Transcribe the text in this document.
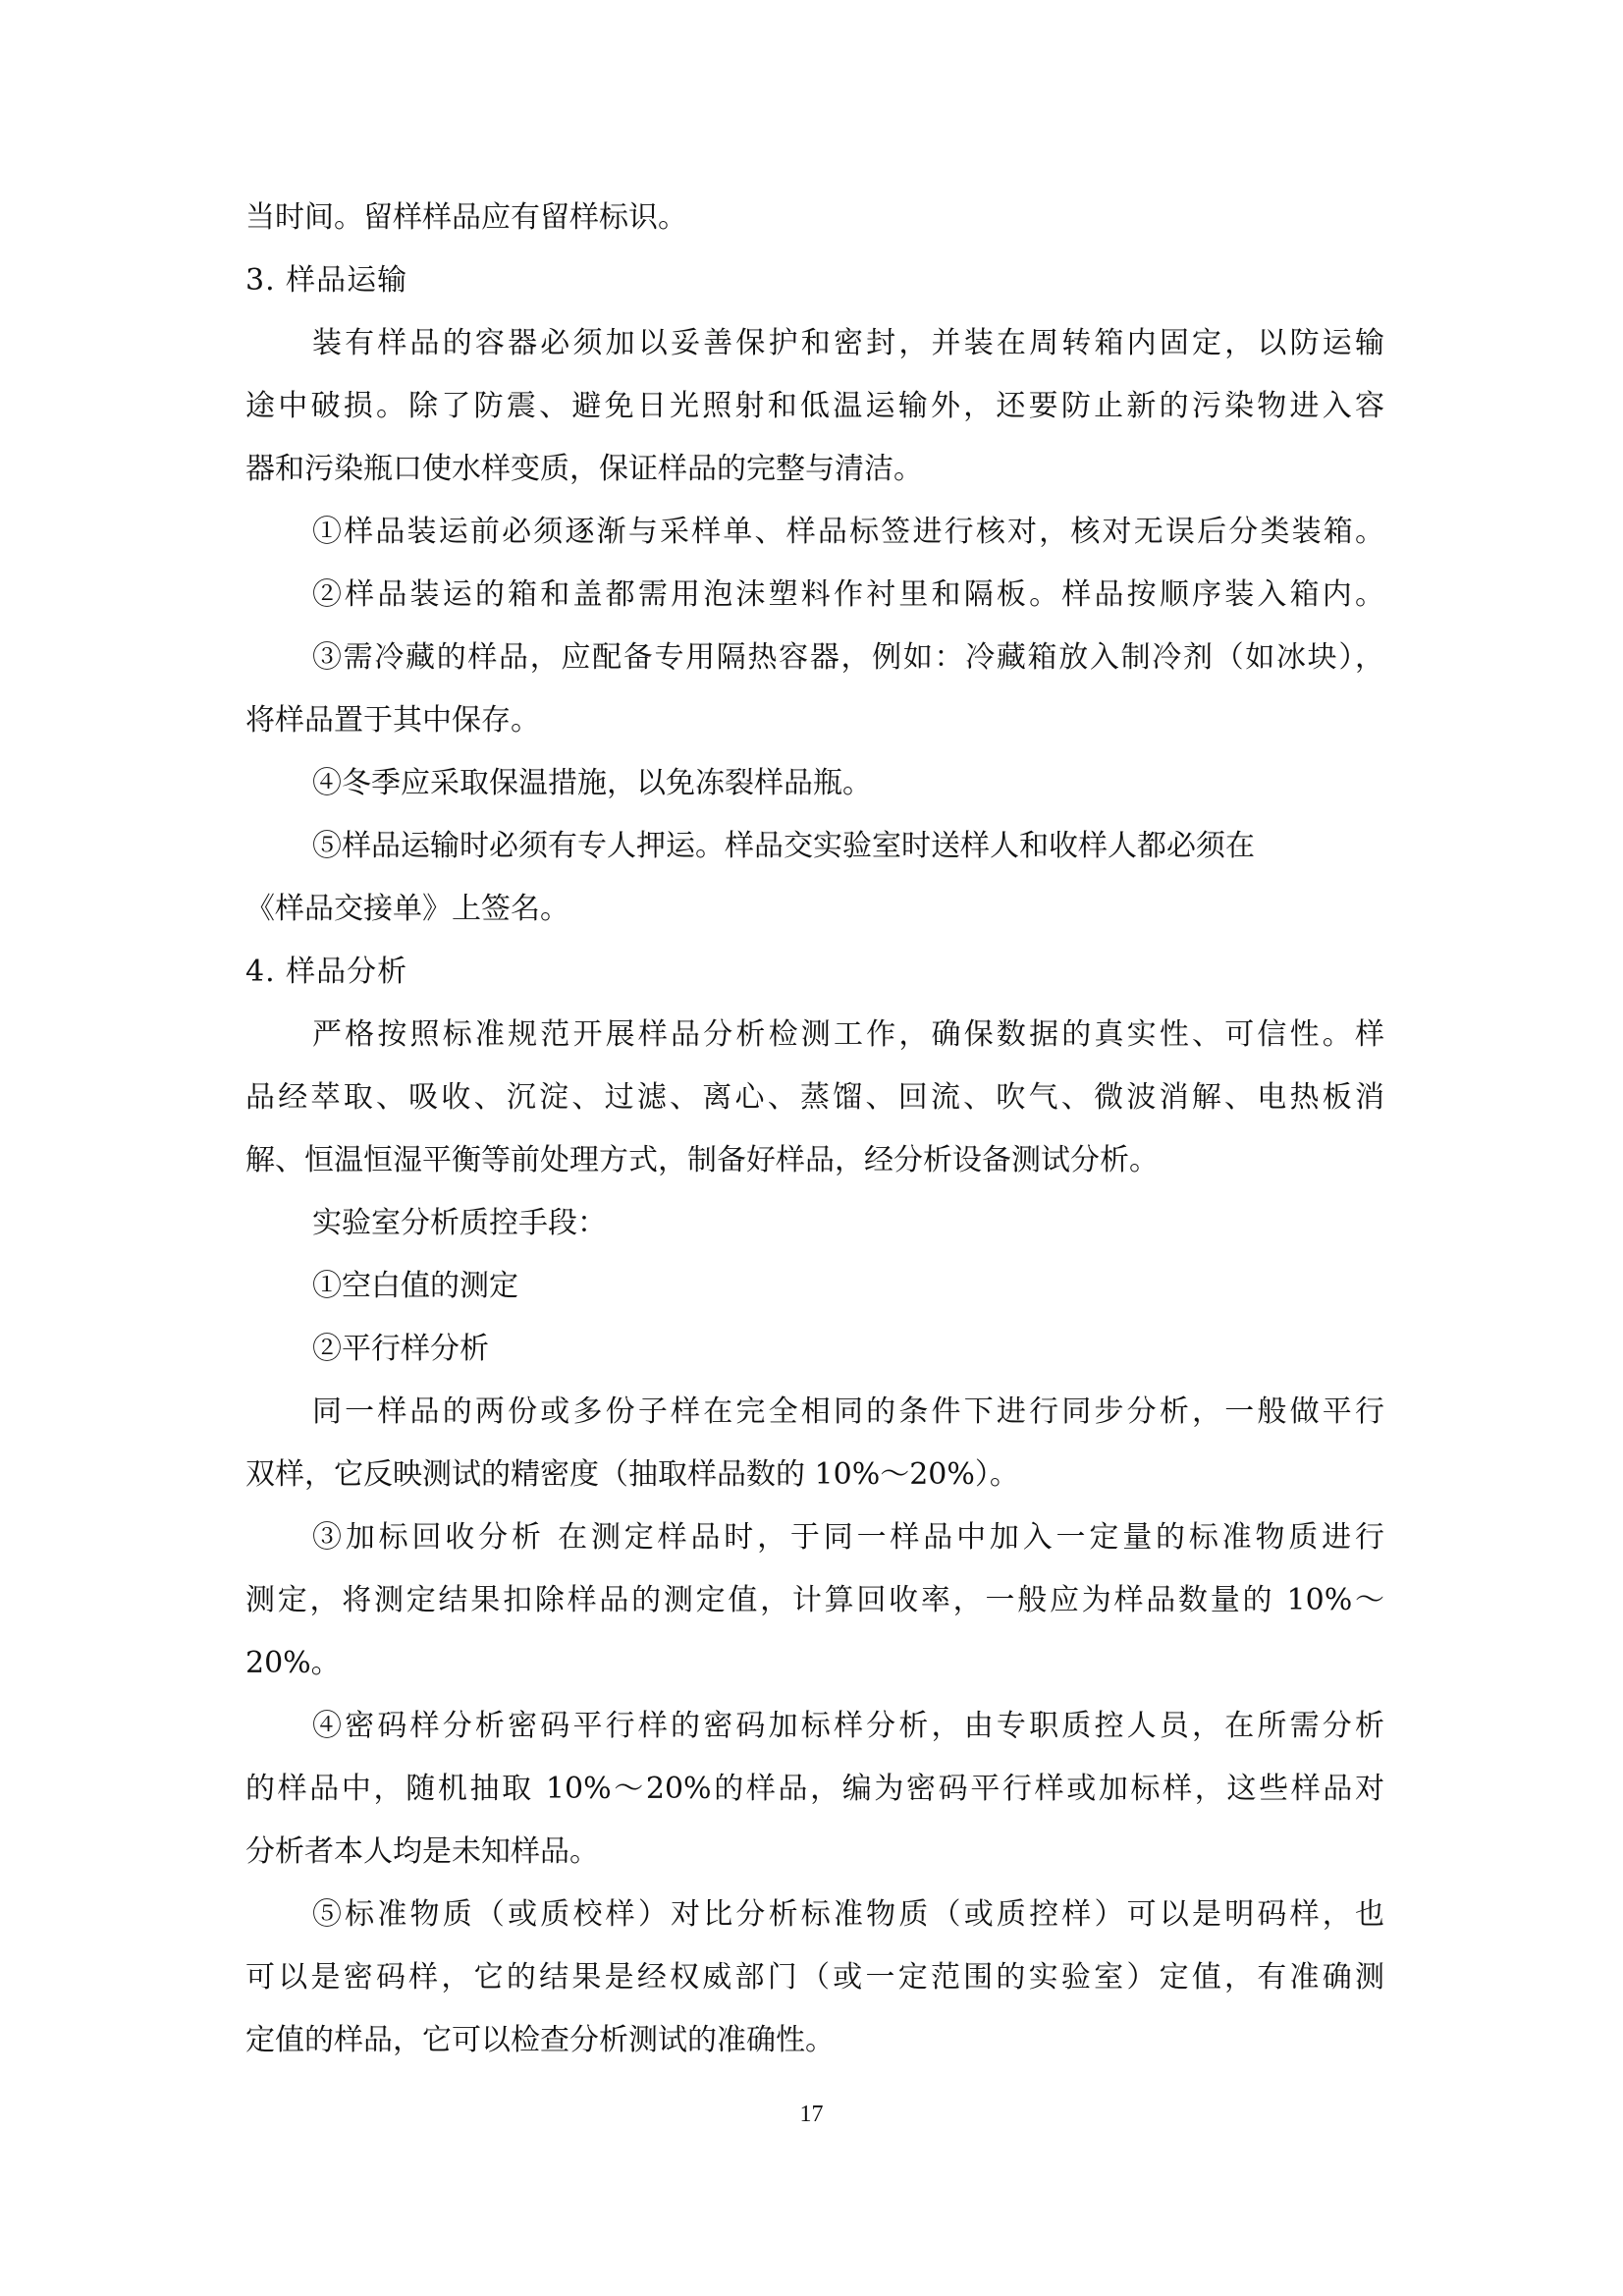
当时间。留样样品应有留样标识。
3. 样品运输
装有样品的容器必须加以妥善保护和密封，并装在周转箱内固定，以防运输
途中破损。除了防震、避免日光照射和低温运输外，还要防止新的污染物进入容
器和污染瓶口使水样变质，保证样品的完整与清洁。
①样品装运前必须逐渐与采样单、样品标签进行核对，核对无误后分类装箱。
②样品装运的箱和盖都需用泡沫塑料作衬里和隔板。样品按顺序装入箱内。
③需冷藏的样品，应配备专用隔热容器，例如：冷藏箱放入制冷剂（如冰块），
将样品置于其中保存。
④冬季应采取保温措施，以免冻裂样品瓶。
⑤样品运输时必须有专人押运。样品交实验室时送样人和收样人都必须在
《样品交接单》上签名。
4. 样品分析
严格按照标准规范开展样品分析检测工作，确保数据的真实性、可信性。样
品经萃取、吸收、沉淀、过滤、离心、蒸馏、回流、吹气、微波消解、电热板消
解、恒温恒湿平衡等前处理方式，制备好样品，经分析设备测试分析。
实验室分析质控手段：
①空白值的测定
②平行样分析
同一样品的两份或多份子样在完全相同的条件下进行同步分析，一般做平行
双样，它反映测试的精密度（抽取样品数的 10%～20%）。
③加标回收分析 在测定样品时，于同一样品中加入一定量的标准物质进行
测定，将测定结果扣除样品的测定值，计算回收率，一般应为样品数量的 10%～
20%。
④密码样分析密码平行样的密码加标样分析，由专职质控人员，在所需分析
的样品中，随机抽取 10%～20%的样品，编为密码平行样或加标样，这些样品对
分析者本人均是未知样品。
⑤标准物质（或质校样）对比分析标准物质（或质控样）可以是明码样，也
可以是密码样，它的结果是经权威部门（或一定范围的实验室）定值，有准确测
定值的样品，它可以检查分析测试的准确性。
17
